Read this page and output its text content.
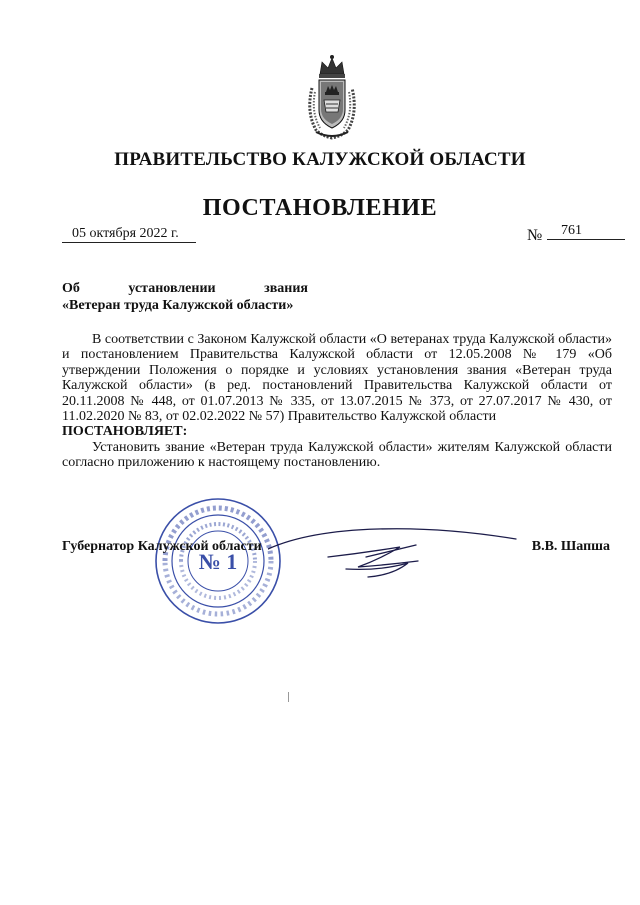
ПРАВИТЕЛЬСТВО КАЛУЖСКОЙ ОБЛАСТИ
ПОСТАНОВЛЕНИЕ
05 октября 2022 г.	№	761
Об	установлении	звания
«Ветеран труда Калужской области»

В соответствии с Законом Калужской области «О ветеранах труда Калужской области» и постановлением Правительства Калужской области от 12.05.2008 № 179 «Об утверждении Положения о порядке и условиях установления звания «Ветеран труда Калужской области» (в ред. постановлений Правительства Калужской области от 20.11.2008 № 448, от 01.07.2013 № 335, от 13.07.2015 № 373, от 27.07.2017 № 430, от 11.02.2020 № 83, от 02.02.2022 № 57) Правительство Калужской области

ПОСТАНОВЛЯЕТ:

Установить звание «Ветеран труда Калужской области» жителям Калужской области согласно приложению к настоящему постановлению.

№ 1
Губернатор Калужской области	В.В. Шапша
